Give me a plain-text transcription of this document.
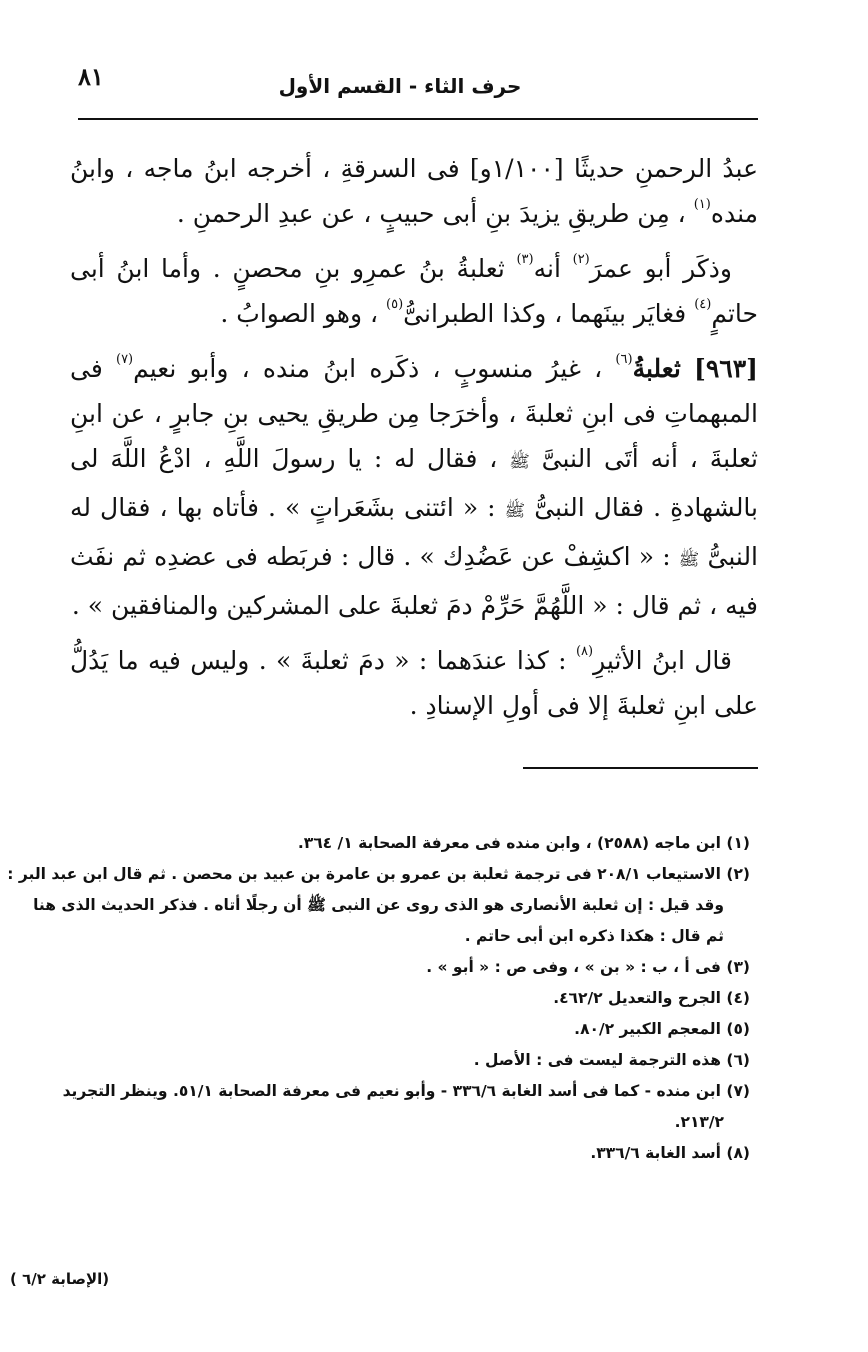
٨١	حرف الثاء - القسم الأول

عبدُ الرحمنِ حديثًا [١/١٠٠و] فى السرقةِ ، أخرجه ابنُ ماجه ، وابنُ منده$^{(١)}$ ، مِن طريقِ يزيدَ بنِ أبى حبيبٍ ، عن عبدِ الرحمنِ .

وذكَر أبو عمرَ$^{(٢)}$ أنه$^{(٣)}$ ثعلبةُ بنُ عمرِو بنِ محصنٍ . وأما ابنُ أبى حاتمٍ$^{(٤)}$ فغايَر بينَهما ، وكذا الطبرانىُّ$^{(٥)}$ ، وهو الصوابُ .

[٩٦٣] ثعلبةُ$^{(٦)}$ ، غيرُ منسوبٍ ، ذكَره ابنُ منده ، وأبو نعيم$^{(٧)}$ فى المبهماتِ فى ابنِ ثعلبةَ ، وأخرَجا مِن طريقِ يحيى بنِ جابرٍ ، عن ابنِ ثعلبةَ ، أنه أتَى النبىَّ ﷺ ، فقال له : يا رسولَ اللَّهِ ، ادْعُ اللَّهَ لى بالشهادةِ . فقال النبىُّ ﷺ : « ائتنى بشَعَراتٍ » . فأتاه بها ، فقال له النبىُّ ﷺ : « اكشِفْ عن عَضُدِك » . قال : فربَطه فى عضدِه ثم نفَث فيه ، ثم قال : « اللَّهُمَّ حَرِّمْ دمَ ثعلبةَ على المشركين والمنافقين » .

قال ابنُ الأثيرِ$^{(٨)}$ : كذا عندَهما : « دمَ ثعلبةَ » . وليس فيه ما يَدُلُّ على ابنِ ثعلبةَ إلا فى أولِ الإسنادِ .

(١) ابن ماجه (٢٥٨٨) ، وابن منده فى معرفة الصحابة ١/ ٣٦٤.

(٢) الاستيعاب ٢٠٨/١ فى ترجمة ثعلبة بن عمرو بن عامرة بن عبيد بن محصن . ثم قال ابن عبد البر :

وقد قيل : إن ثعلبة الأنصارى هو الذى روى عن النبى ﷺ أن رجلًا أتاه . فذكر الحديث الذى هنا

ثم قال : هكذا ذكره ابن أبى حاتم .

(٣) فى أ ، ب : « بن » ، وفى ص : « أبو » .

(٤) الجرح والتعديل ٤٦٢/٢.

(٥) المعجم الكبير ٨٠/٢.

(٦) هذه الترجمة ليست فى : الأصل .

(٧) ابن منده - كما فى أسد الغابة ٣٣٦/٦ - وأبو نعيم فى معرفة الصحابة ٥١/١. وينظر التجريد

٢١٣/٢.

(٨) أسد الغابة ٣٣٦/٦.

(الإصابة ٦/٢ )
